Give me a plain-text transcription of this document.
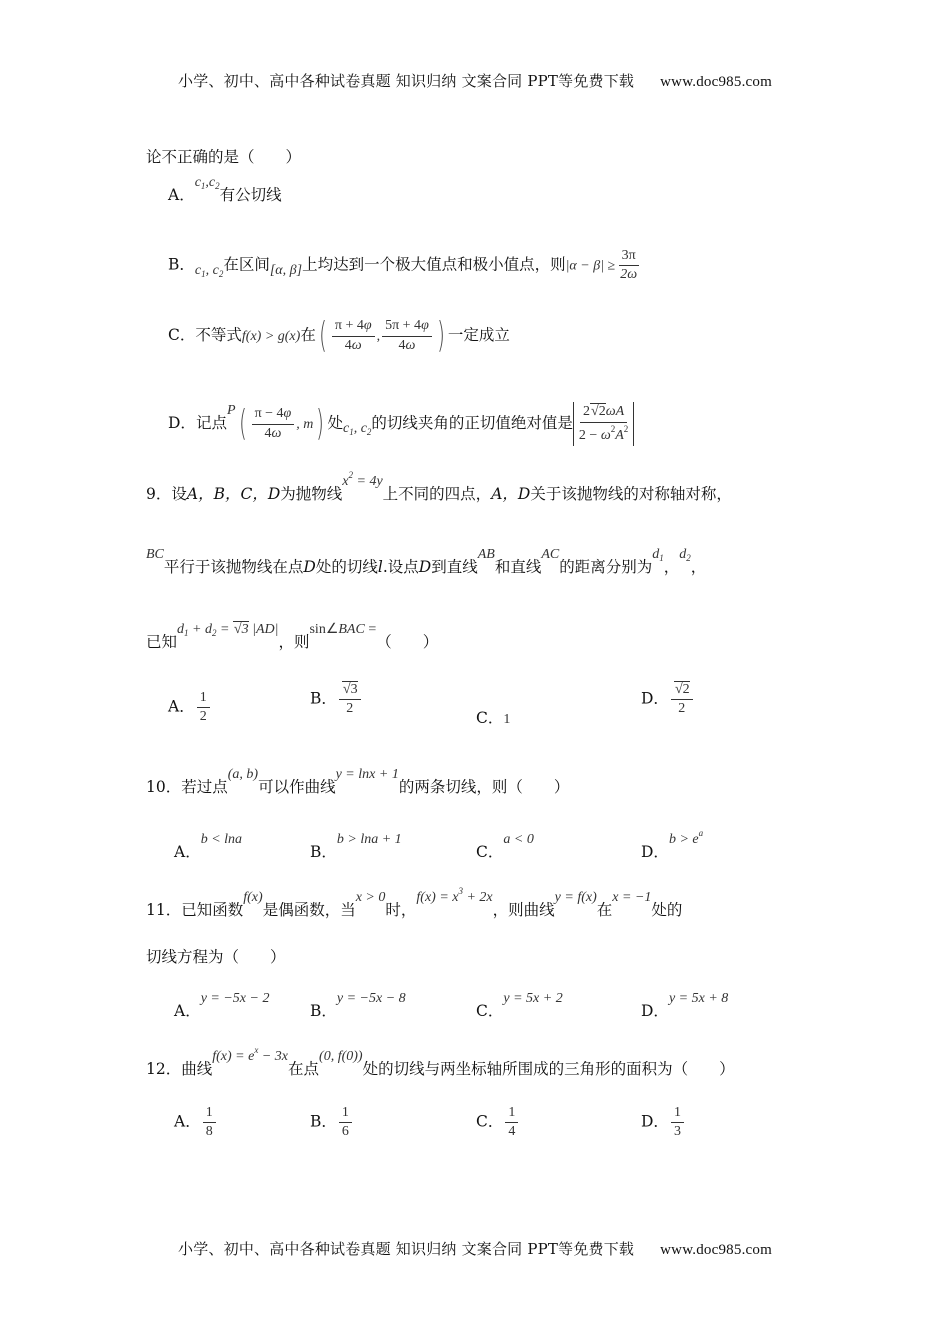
小学、初中、高中各种试卷真题 知识归纳 文案合同 PPT等免费下载 www.doc985.com
论不正确的是（　　）
A．$c_1,c_2$有公切线
B．$c_1$, $c_2$在区间[α, β]上均达到一个极大值点和极小值点，则$|\alpha - \beta| \ge \frac{3\pi}{2\omega}$
C．不等式f(x) > g(x)在( $\frac{\pi + 4\varphi}{4\omega}$ , $\frac{5\pi + 4\varphi}{4\omega}$ ) 一定成立
D．记点$P( \frac{\pi - 4\varphi}{4\omega}$ , m) 处$c_1$, $c_2$的切线夹角的正切值绝对值是 $\frac{2√2\omega A}{2 - \omega^2A^2}$
9．设A，B，C，D为抛物线$x^2 = 4y$上不同的四点，A，D关于该抛物线的对称轴对称，
BC平行于该抛物线在点D处的切线l.设点D到直线AB和直线AC的距离分别为$d_1$，$d_2$，
已知$d_1 + d_2 = √3$ |AD|，则sin∠BAC =（　　）
A． $\frac{1}{2}$	B． $\frac{√3}{2}$
C．1
D． $\frac{√2}{2}$
10．若过点(a, b)可以作曲线y = lnx + 1的两条切线，则（　　）
A．b < lna
B．b > lna + 1
C．a < 0
D．$b > e^a$
11．已知函数f(x)是偶函数，当x > 0时，$f(x) = x^3 + 2x$，则曲线y = f(x)在x = −1处的
切线方程为（　　）
A．y = −5x − 2
B．y = −5x − 8
C．y = 5x + 2
D．y = 5x + 8
12．曲线$f(x) = e^x - 3x$在点(0, f(0))处的切线与两坐标轴所围成的三角形的面积为（　　）
A． $\frac{1}{8}$	B． $\frac{1}{6}$	C． $\frac{1}{4}$	D． $\frac{1}{3}$
小学、初中、高中各种试卷真题 知识归纳 文案合同 PPT等免费下载 www.doc985.com
